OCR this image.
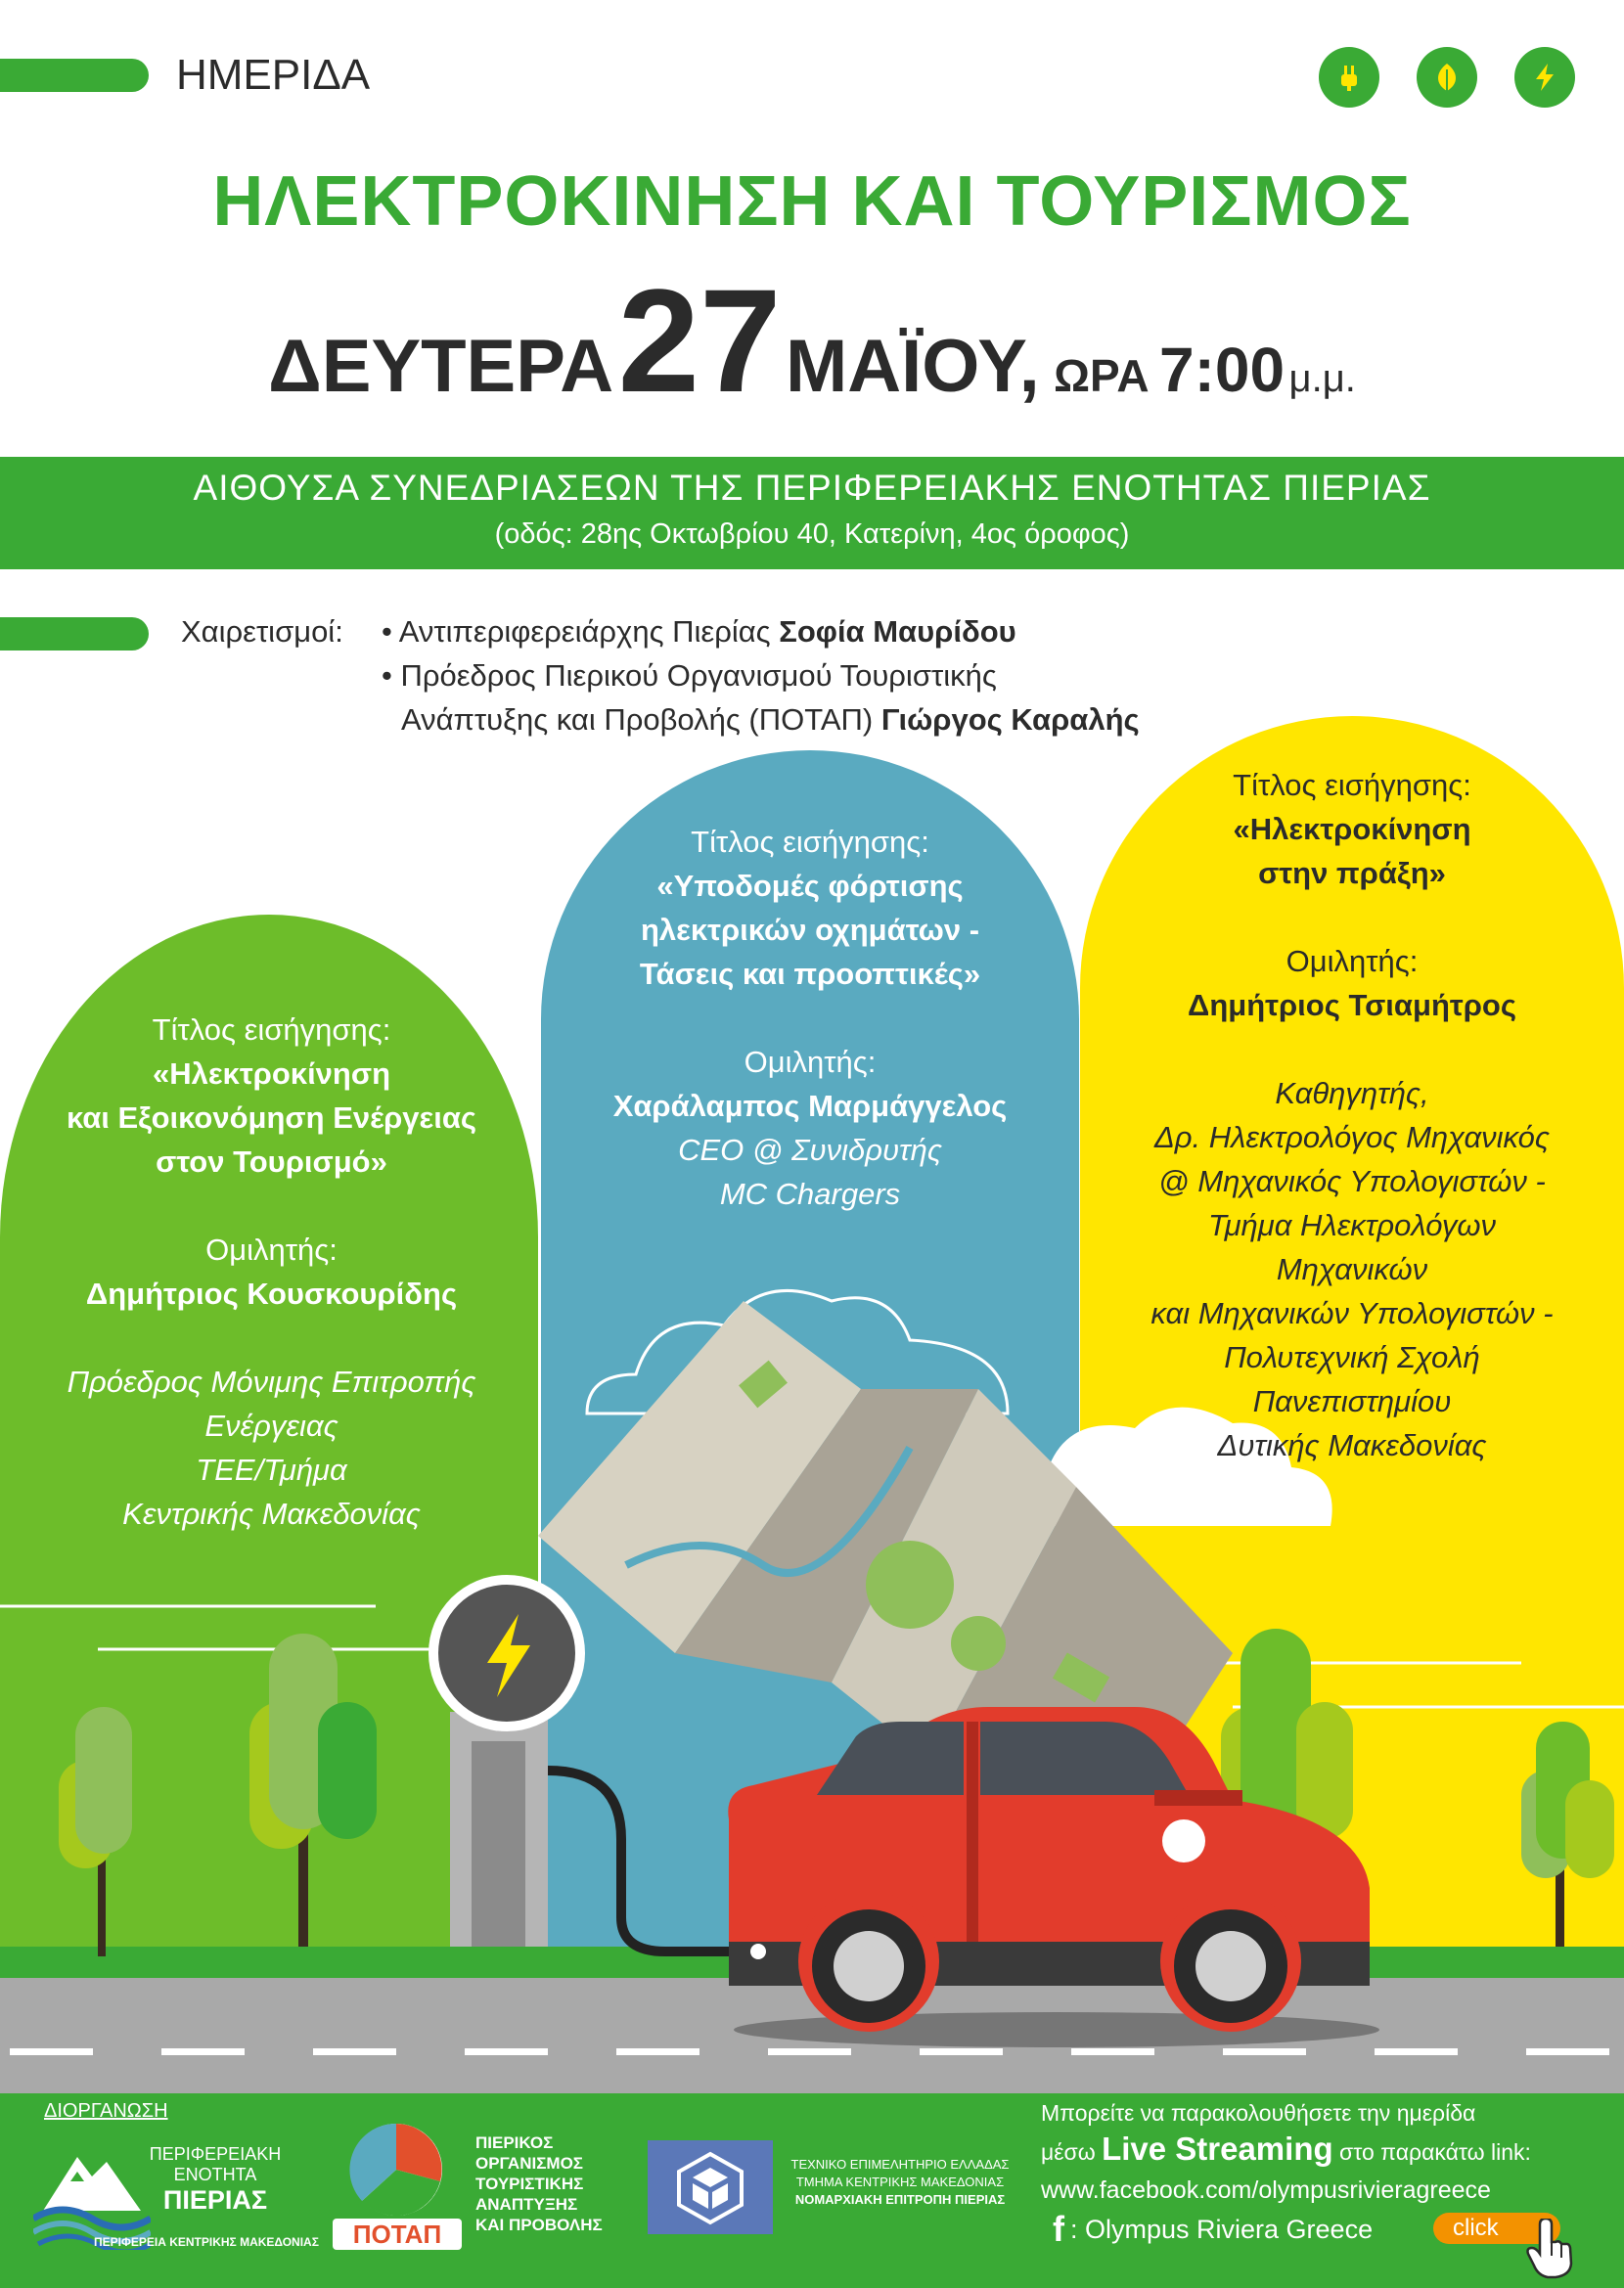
ΗΜΕΡΙΔΑ
ΗΛΕΚΤΡΟΚΙΝΗΣΗ ΚΑΙ ΤΟΥΡΙΣΜΟΣ
ΔΕΥΤΕΡΑ 27 ΜΑΪΟΥ, ΩΡΑ 7:00 μ.μ.
ΑΙΘΟΥΣΑ ΣΥΝΕΔΡΙΑΣΕΩΝ ΤΗΣ ΠΕΡΙΦΕΡΕΙΑΚΗΣ ΕΝΟΤΗΤΑΣ ΠΙΕΡΙΑΣ
(οδός: 28ης Οκτωβρίου 40, Κατερίνη, 4ος όροφος)
Χαιρετισμοί: • Αντιπεριφερειάρχης Πιερίας Σοφία Μαυρίδου
• Πρόεδρος Πιερικού Οργανισμού Τουριστικής
Ανάπτυξης και Προβολής (ΠΟΤΑΠ) Γιώργος Καραλής
Τίτλος εισήγησης:
«Ηλεκτροκίνηση
και Εξοικονόμηση Ενέργειας
στον Τουρισμό»
Ομιλητής:
Δημήτριος Κουσκουρίδης
Πρόεδρος Μόνιμης Επιτροπής
Ενέργειας
ΤΕΕ/Τμήμα
Κεντρικής Μακεδονίας
Τίτλος εισήγησης:
«Υποδομές φόρτισης
ηλεκτρικών οχημάτων -
Τάσεις και προοπτικές»
Ομιλητής:
Χαράλαμπος Μαρμάγγελος
CEO @ Συνιδρυτής
MC Chargers
Τίτλος εισήγησης:
«Ηλεκτροκίνηση
στην πράξη»
Ομιλητής:
Δημήτριος Τσιαμήτρος
Καθηγητής,
Δρ. Ηλεκτρολόγος Μηχανικός
@ Μηχανικός Υπολογιστών -
Τμήμα Ηλεκτρολόγων
Μηχανικών
και Μηχανικών Υπολογιστών -
Πολυτεχνική Σχολή
Πανεπιστημίου
Δυτικής Μακεδονίας
ΔΙΟΡΓΑΝΩΣΗ
ΠΕΡΙΦΕΡΕΙΑΚΗ
ΕΝΟΤΗΤΑ
ΠΙΕΡΙΑΣ
ΠΕΡΙΦΕΡΕΙΑ ΚΕΝΤΡΙΚΗΣ ΜΑΚΕΔΟΝΙΑΣ ΠΟΤΑΠ
ΠΙΕΡΙΚΟΣ
ΟΡΓΑΝΙΣΜΟΣ
ΤΟΥΡΙΣΤΙΚΗΣ
ΑΝΑΠΤΥΞΗΣ
ΚΑΙ ΠΡΟΒΟΛΗΣ
ΤΕΧΝΙΚΟ ΕΠΙΜΕΛΗΤΗΡΙΟ ΕΛΛΑΔΑΣ
ΤΜΗΜΑ ΚΕΝΤΡΙΚΗΣ ΜΑΚΕΔΟΝΙΑΣ
ΝΟΜΑΡΧΙΑΚΗ ΕΠΙΤΡΟΠΗ ΠΙΕΡΙΑΣ
Μπορείτε να παρακολουθήσετε την ημερίδα
μέσω Live Streaming στο παρακάτω link:
www.facebook.com/olympusrivieragreece
f : Olympus Riviera Greece	click
